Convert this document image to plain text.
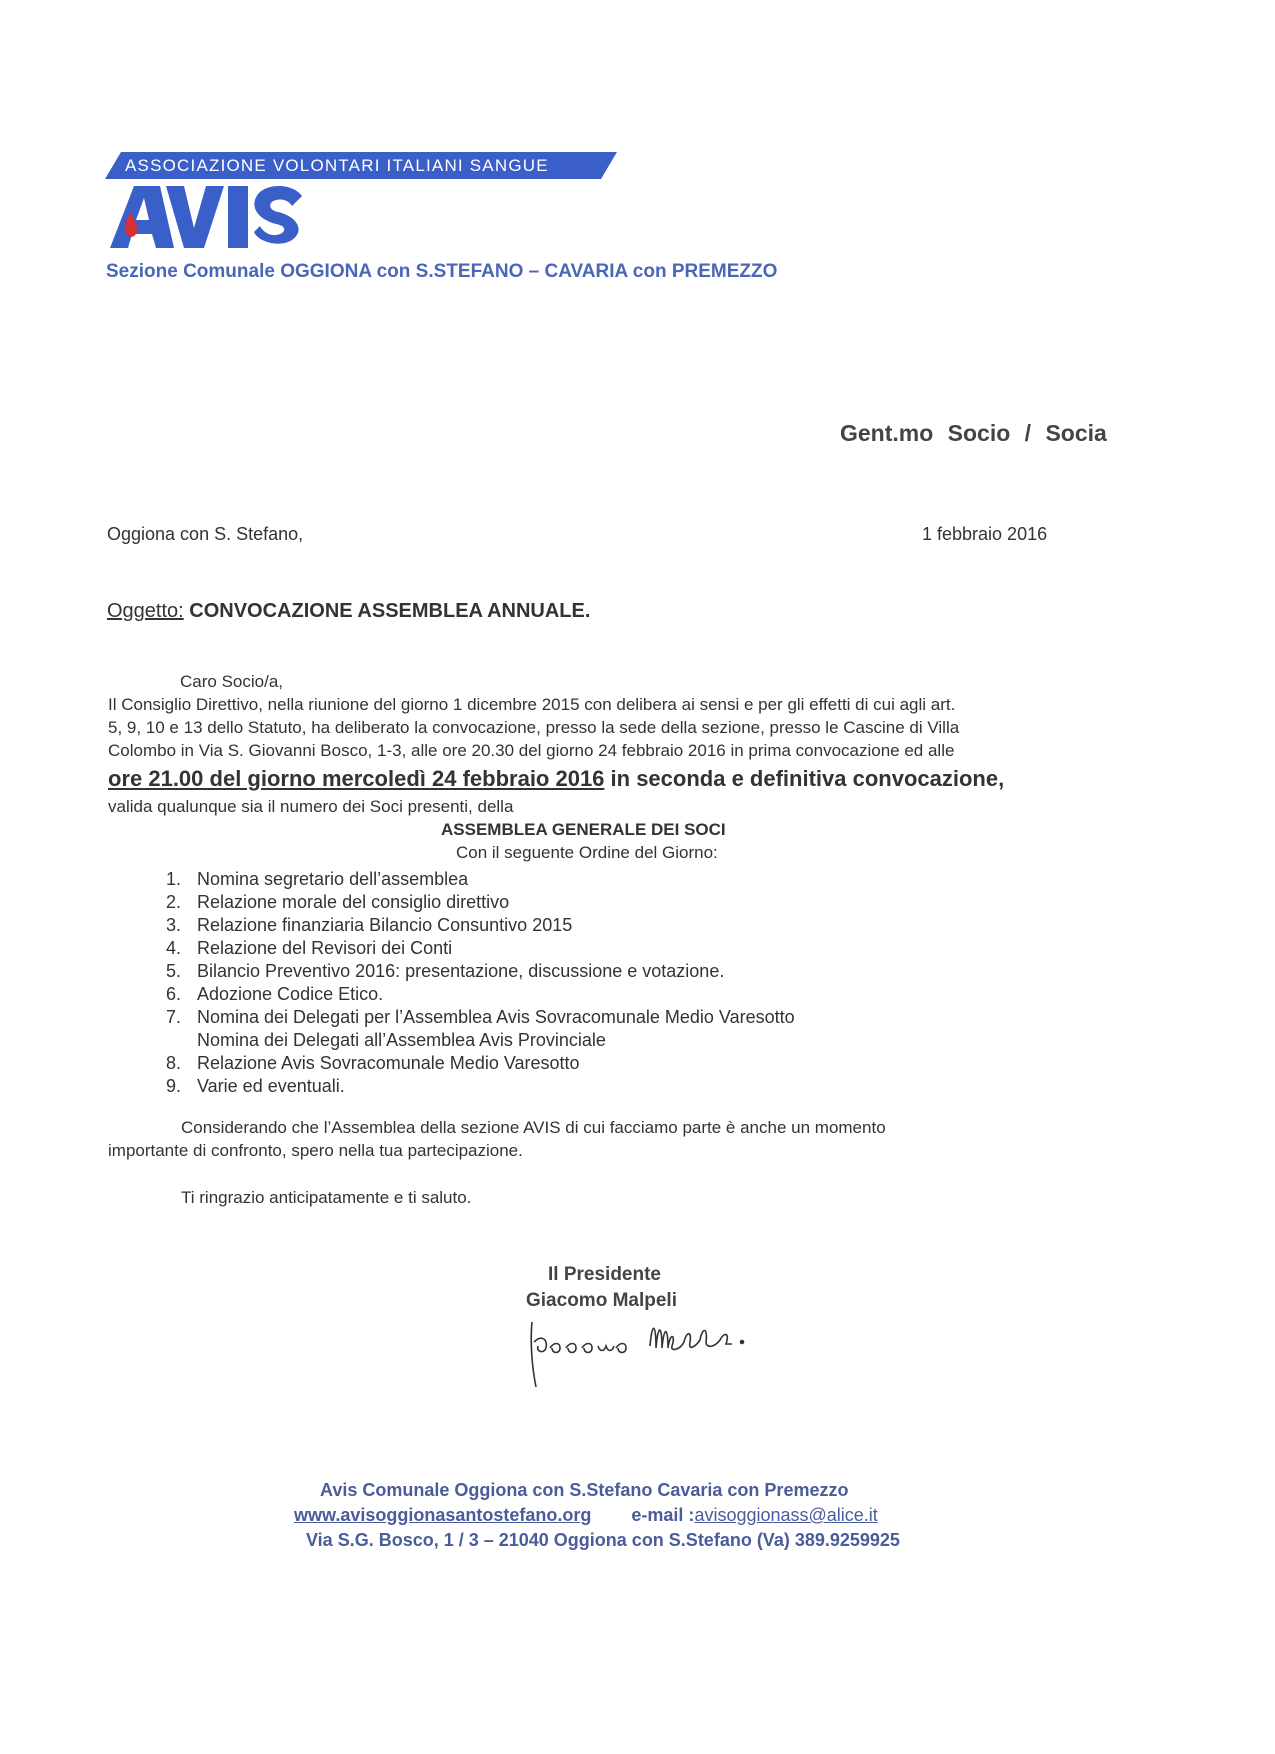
ASSOCIAZIONE VOLONTARI ITALIANI SANGUE
Sezione Comunale OGGIONA con S.STEFANO – CAVARIA con PREMEZZO
Gent.mo Socio / Socia
Oggiona con S. Stefano,	1 febbraio 2016
Oggetto: CONVOCAZIONE ASSEMBLEA ANNUALE.
Caro Socio/a,
Il Consiglio Direttivo, nella riunione del giorno 1 dicembre 2015 con delibera ai sensi e per gli effetti di cui agli art.
5, 9, 10 e 13 dello Statuto, ha deliberato la convocazione, presso la sede della sezione, presso le Cascine di Villa
Colombo in Via S. Giovanni Bosco, 1-3, alle ore 20.30 del giorno 24 febbraio 2016 in prima convocazione ed alle
ore 21.00 del giorno mercoledì 24 febbraio 2016 in seconda e definitiva convocazione,
valida qualunque sia il numero dei Soci presenti, della
ASSEMBLEA GENERALE DEI SOCI
Con il seguente Ordine del Giorno:
1. Nomina segretario dell’assemblea
2. Relazione morale del consiglio direttivo
3. Relazione finanziaria Bilancio Consuntivo 2015
4. Relazione del Revisori dei Conti
5. Bilancio Preventivo 2016: presentazione, discussione e votazione.
6. Adozione Codice Etico.
7. Nomina dei Delegati per l’Assemblea Avis Sovracomunale Medio Varesotto
Nomina dei Delegati all’Assemblea Avis Provinciale
8. Relazione Avis Sovracomunale Medio Varesotto
9. Varie ed eventuali.
Considerando che l’Assemblea della sezione AVIS di cui facciamo parte è anche un momento
importante di confronto, spero nella tua partecipazione.
Ti ringrazio anticipatamente e ti saluto.
Il Presidente
Giacomo Malpeli
Avis Comunale Oggiona con S.Stefano Cavaria con Premezzo
www.avisoggionasantostefano.org e-mail :avisoggionass@alice.it
Via S.G. Bosco, 1 / 3 – 21040 Oggiona con S.Stefano (Va) 389.9259925
